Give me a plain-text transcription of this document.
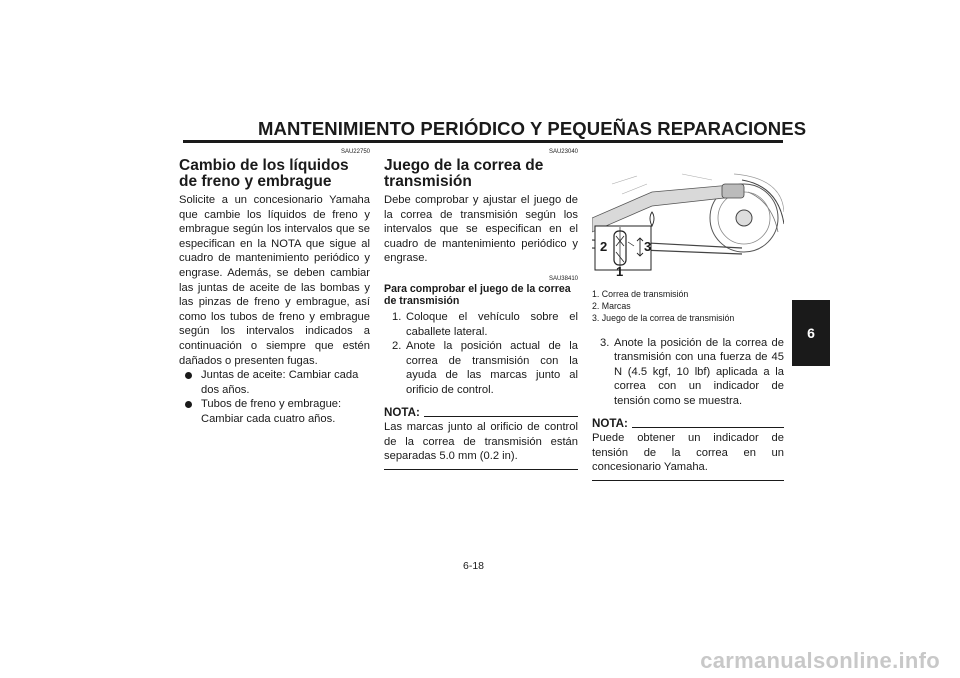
MANTENIMIENTO PERIÓDICO Y PEQUEÑAS REPARACIONES
6
SAU22750
Cambio de los líquidos de freno y embrague

Solicite a un concesionario Yamaha que cambie los líquidos de freno y embrague según los intervalos que se especifican en la NOTA que sigue al cuadro de mantenimiento periódico y engrase. Además, se deben cambiar las juntas de aceite de las bombas y las pinzas de freno y embrague, así como los tubos de freno y embrague según los intervalos indicados a continuación o siempre que estén dañados o presenten fugas.

Juntas de aceite: Cambiar cada dos años.
Tubos de freno y embrague: Cambiar cada cuatro años.
SAU23040
Juego de la correa de transmisión

Debe comprobar y ajustar el juego de la correa de transmisión según los intervalos que se especifican en el cuadro de mantenimiento periódico y engrase.

SAU38410
Para comprobar el juego de la correa de transmisión
1. Coloque el vehículo sobre el caballete lateral.
2. Anote la posición actual de la correa de transmisión con la ayuda de las marcas junto al orificio de control.
NOTA:

Las marcas junto al orificio de control de la correa de transmisión están separadas 5.0 mm (0.2 in).

2	3
1
1. Correa de transmisión
2. Marcas
3. Juego de la correa de transmisión
3. Anote la posición de la correa de transmisión con una fuerza de 45 N (4.5 kgf, 10 lbf) aplicada a la correa con un indicador de tensión como se muestra.
NOTA:

Puede obtener un indicador de tensión de la correa en un concesionario Yamaha.

6-18
carmanualsonline.info
